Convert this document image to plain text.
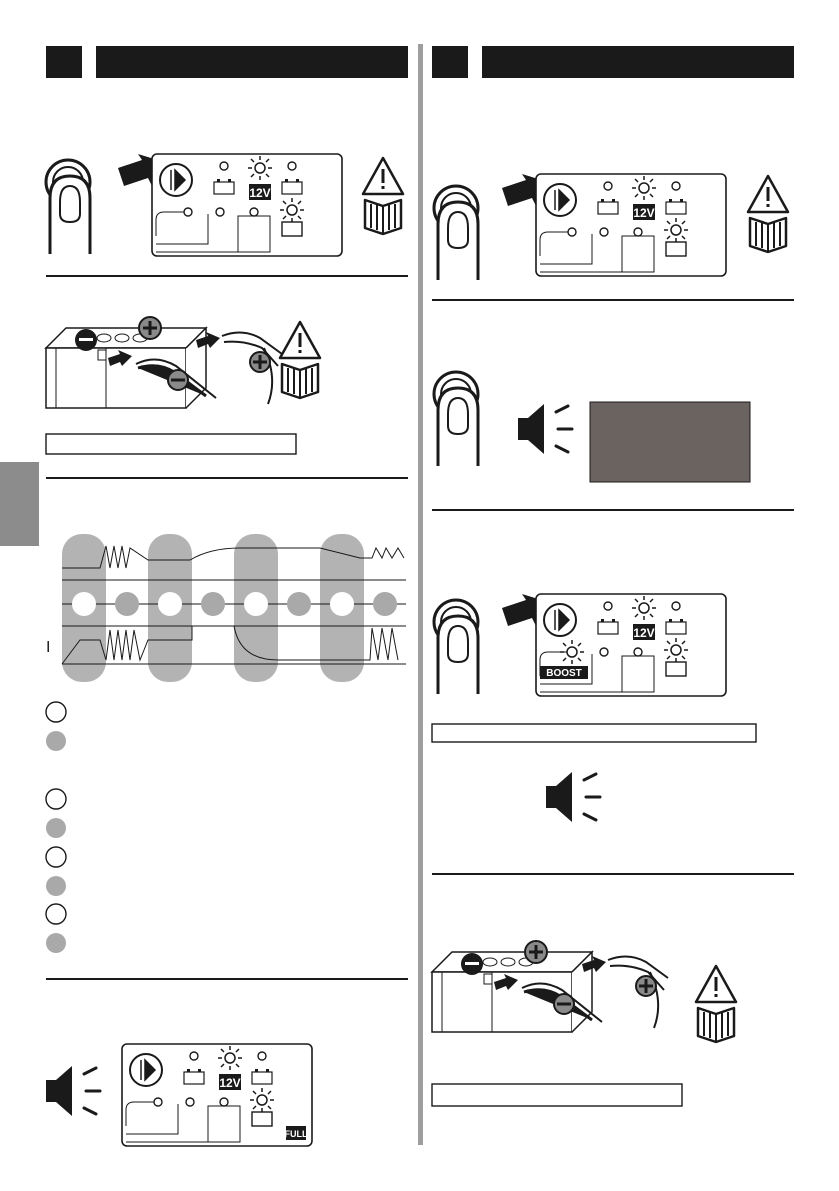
12V
I
12V
FULL
12V
12V
BOOST
